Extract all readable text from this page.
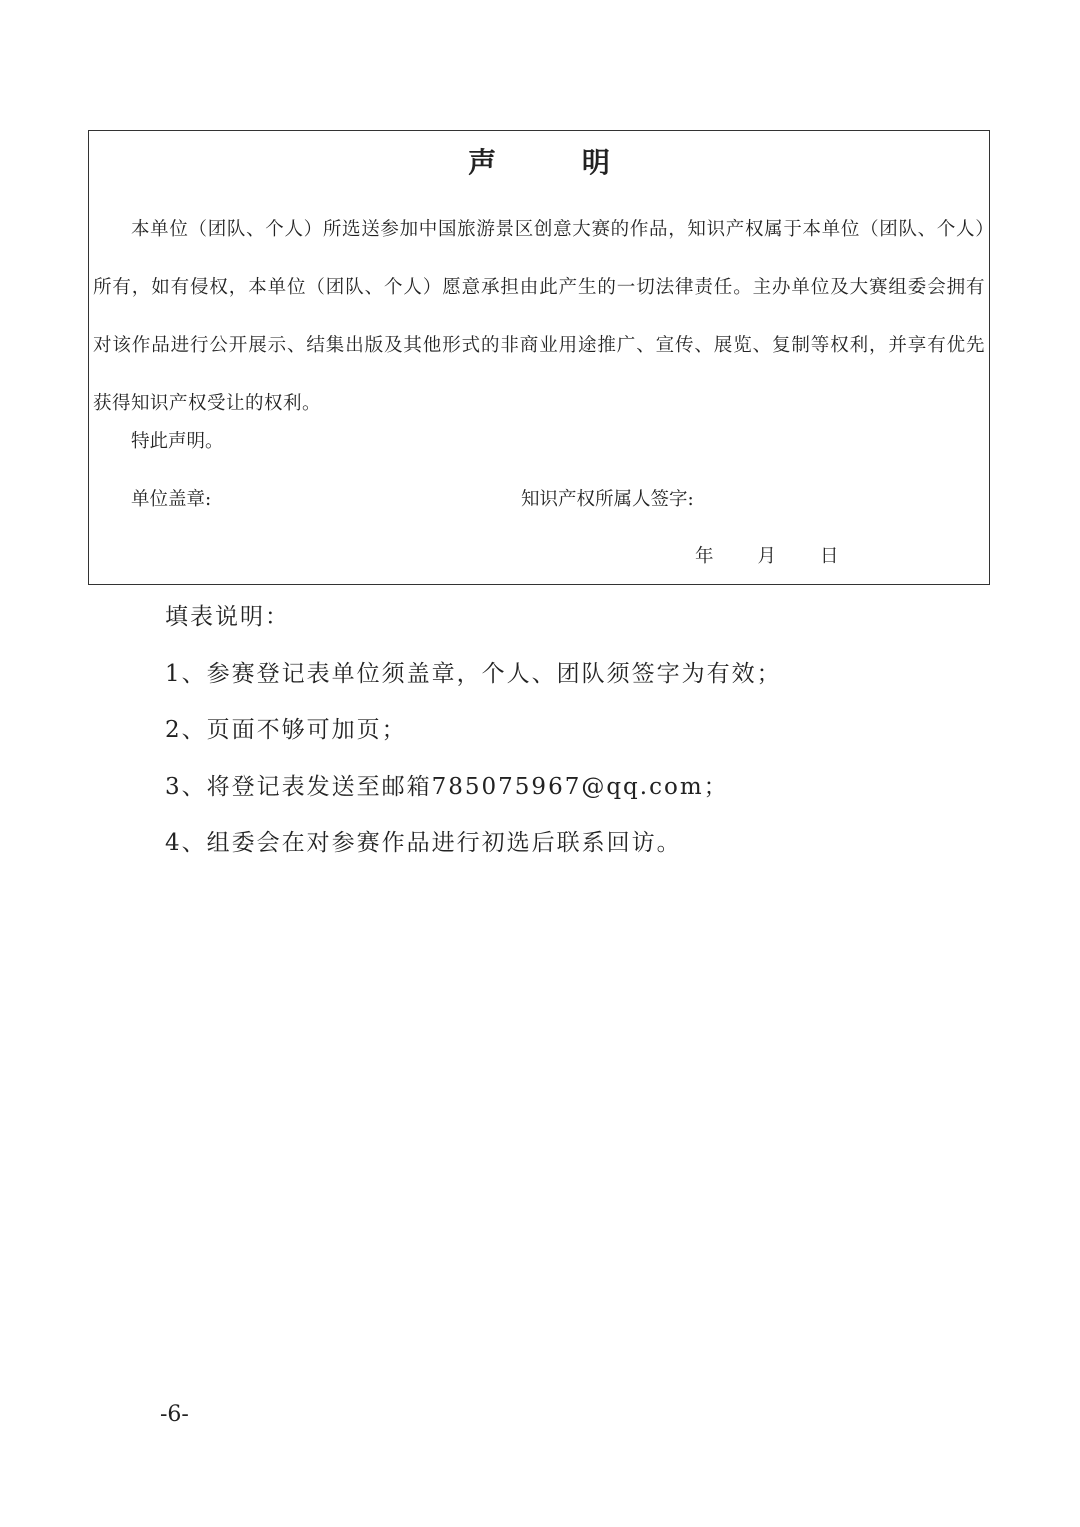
声 明
本单位（团队、个人）所选送参加中国旅游景区创意大赛的作品，知识产权属于本单位（团队、个人）所有，如有侵权，本单位（团队、个人）愿意承担由此产生的一切法律责任。主办单位及大赛组委会拥有对该作品进行公开展示、结集出版及其他形式的非商业用途推广、宣传、展览、复制等权利，并享有优先获得知识产权受让的权利。
特此声明。
单位盖章:	知识产权所属人签字:
年 月 日
填表说明：
1、参赛登记表单位须盖章，个人、团队须签字为有效；
2、页面不够可加页；
3、将登记表发送至邮箱785075967@qq.com；
4、组委会在对参赛作品进行初选后联系回访。
-6-
